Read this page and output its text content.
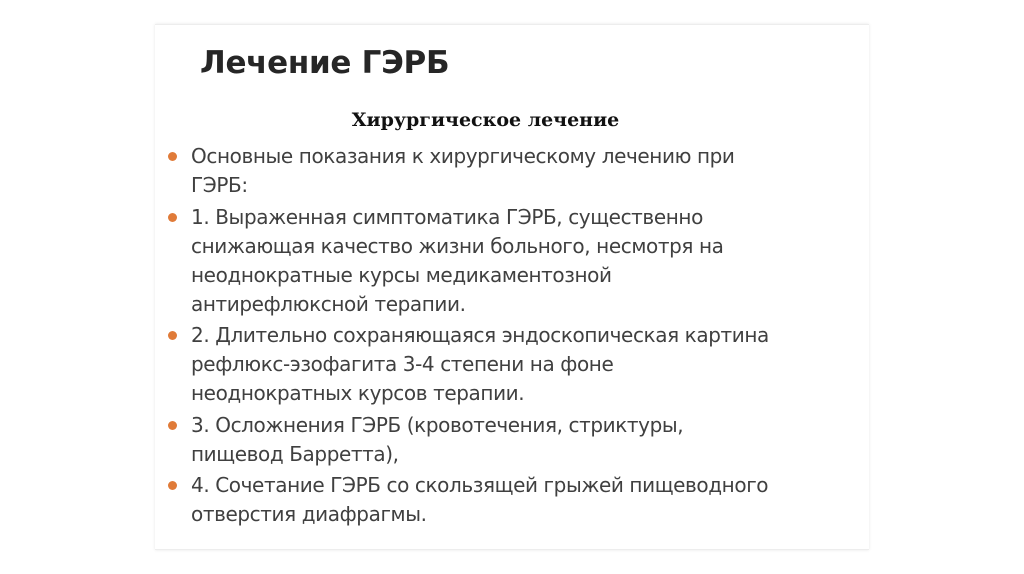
Лечение ГЭРБ
Хирургическое лечение
Основные показания к хирургическому лечению при
ГЭРБ:
1. Выраженная симптоматика ГЭРБ, существенно
снижающая качество жизни больного, несмотря на
неоднократные курсы медикаментозной
антирефлюксной терапии.
2. Длительно сохраняющаяся эндоскопическая картина
рефлюкс-эзофагита 3-4 степени на фоне
неоднократных курсов терапии.
3. Осложнения ГЭРБ (кровотечения, стриктуры,
пищевод Барретта),
4. Сочетание ГЭРБ со скользящей грыжей пищеводного
отверстия диафрагмы.
